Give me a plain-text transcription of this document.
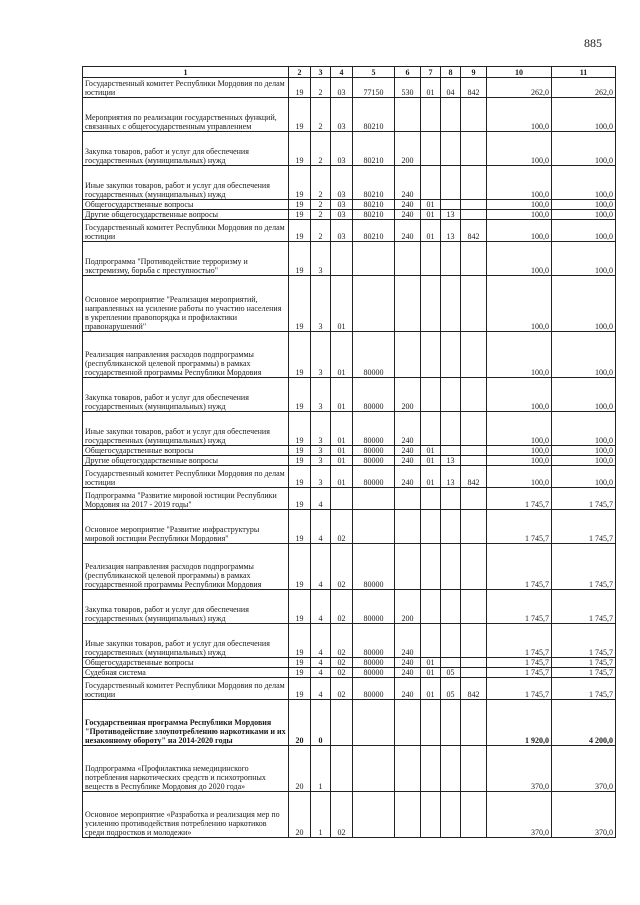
885
1	2	3	4	5	6	7	8	9	10	11
Государственный комитет Республики Мордовия по делам юстиции	19	2	03	77150	530	01	04	842	262,0	262,0
Мероприятия по реализации государственных функций, связанных с общегосударственным управлением	19	2	03	80210					100,0	100,0
Закупка товаров, работ и услуг для обеспечения государственных (муниципальных) нужд	19	2	03	80210	200				100,0	100,0
Иные закупки товаров, работ и услуг для обеспечения государственных (муниципальных) нужд	19	2	03	80210	240				100,0	100,0
Общегосударственные вопросы	19	2	03	80210	240	01			100,0	100,0
Другие общегосударственные вопросы	19	2	03	80210	240	01	13		100,0	100,0
Государственный комитет Республики Мордовия по делам юстиции	19	2	03	80210	240	01	13	842	100,0	100,0
Подпрограмма "Противодействие терроризму и экстремизму, борьба с преступностью"	19	3							100,0	100,0
Основное мероприятие "Реализация мероприятий, направленных на усиление работы по участию населения в укреплении правопорядка и профилактики правонарушений"	19	3	01						100,0	100,0
Реализация направления расходов подпрограммы (республиканской целевой программы) в рамках государственной программы Республики Мордовия	19	3	01	80000					100,0	100,0
Закупка товаров, работ и услуг для обеспечения государственных (муниципальных) нужд	19	3	01	80000	200				100,0	100,0
Иные закупки товаров, работ и услуг для обеспечения государственных (муниципальных) нужд	19	3	01	80000	240				100,0	100,0
Общегосударственные вопросы	19	3	01	80000	240	01			100,0	100,0
Другие общегосударственные вопросы	19	3	01	80000	240	01	13		100,0	100,0
Государственный комитет Республики Мордовия по делам юстиции	19	3	01	80000	240	01	13	842	100,0	100,0
Подпрограмма "Развитие мировой юстиции Республики Мордовия на 2017 - 2019 годы"	19	4							1 745,7	1 745,7
Основное мероприятие "Развитие инфраструктуры мировой юстиции Республики Мордовия"	19	4	02						1 745,7	1 745,7
Реализация направления расходов подпрограммы (республиканской целевой программы) в рамках государственной программы Республики Мордовия	19	4	02	80000					1 745,7	1 745,7
Закупка товаров, работ и услуг для обеспечения государственных (муниципальных) нужд	19	4	02	80000	200				1 745,7	1 745,7
Иные закупки товаров, работ и услуг для обеспечения государственных (муниципальных) нужд	19	4	02	80000	240				1 745,7	1 745,7
Общегосударственные вопросы	19	4	02	80000	240	01			1 745,7	1 745,7
Судебная система	19	4	02	80000	240	01	05		1 745,7	1 745,7
Государственный комитет Республики Мордовия по делам юстиции	19	4	02	80000	240	01	05	842	1 745,7	1 745,7
Государственная программа Республики Мордовия "Противодействие злоупотреблению наркотиками и их незаконному обороту" на 2014-2020 годы	20	0							1 920,0	4 200,0
Подпрограмма «Профилактика немедицинского потребления наркотических средств и психотропных веществ в Республике Мордовия до 2020 года»	20	1							370,0	370,0
Основное мероприятие «Разработка и реализация мер по усилению противодействия потреблению наркотиков среди подростков и молодежи»	20	1	02						370,0	370,0
